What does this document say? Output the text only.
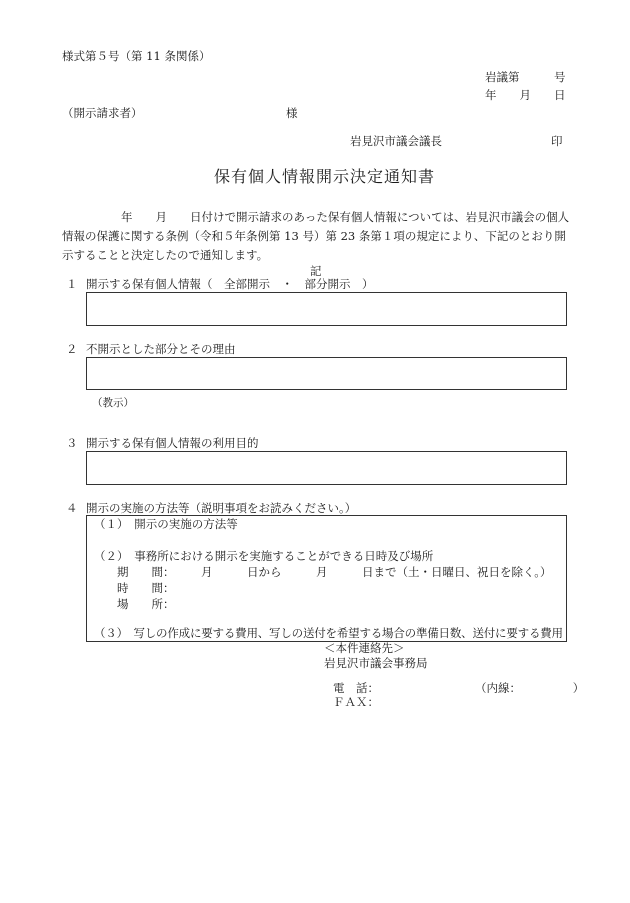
様式第５号（第 11 条関係）
岩議第　　　号
年　　月　　日
（開示請求者）	様
岩見沢市議会議長	印
保有個人情報開示決定通知書
年　　月　　日付けで開示請求のあった保有個人情報については、岩見沢市議会の個人情報の保護に関する条例（令和５年条例第 13 号）第 23 条第１項の規定により、下記のとおり開示することと決定したので通知します。
記
１ 開示する保有個人情報（　全部開示　・　部分開示　）
２ 不開示とした部分とその理由
（教示）
３ 開示する保有個人情報の利用目的
４ 開示の実施の方法等（説明事項をお読みください。）
（１）　開示の実施の方法等
（２）　事務所における開示を実施することができる日時及び場所
期　　間： 月　　　日から　　　月　　　日まで（土・日曜日、祝日を除く。）
時　　間：
場　　所：
（３）　写しの作成に要する費用、写しの送付を希望する場合の準備日数、送付に要する費用
＜本件連絡先＞
岩見沢市議会事務局
電　話：	（内線：　　　　　）
ＦＡＸ：
